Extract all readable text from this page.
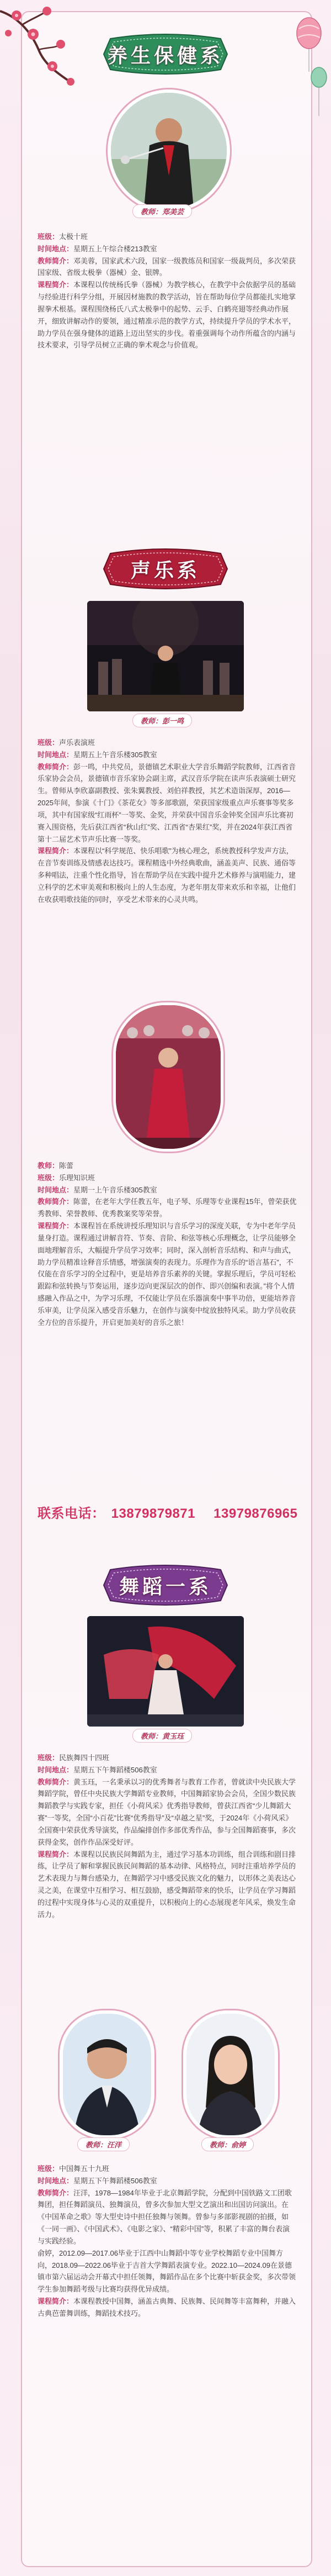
养生保健系
教师：郑美芸

班级：太极十班

时间地点：星期五上午综合楼213教室

教师简介：邓美蓉，国家武术六段，国家一级教练员和国家一级裁判员，多次荣获国家级、省级太极拳（器械）金、银牌。

课程简介：本课程以传统杨氏拳（器械）为教学核心，在教学中会依据学员的基础与经验进行科学分组，开展因材施教的教学活动，旨在帮助每位学员都能扎实地掌握拳术根基。课程围绕杨氏八式太极拳中的起势、云手、白鹤亮翅等经典动作展开，细致讲解动作的要领，通过精准示范的教学方式，持续提升学员的学术水平，助力学员在强身健体的道路上迈出坚实的步伐。着重强调每个动作所蕴含的内涵与技术要求，引导学员树立正确的拳术观念与价值观。

声乐系
教师：彭一鸣

班级：声乐表演班

时间地点：星期五上午音乐楼305教室

教师简介：彭一鸣，中共党员，景德镇艺术职业大学音乐舞蹈学院教师，江西省音乐家协会会员，景德镇市音乐家协会副主席，武汉音乐学院在读声乐表演硕士研究生。曾师从李欣嘉副教授、张朱翼教授、刘伯祥教授，其艺术造诣深厚，2016—2025年间，参演《十门》《茶花女》等多部歌剧，荣获国家级重点声乐赛事等奖多项，其中有国家级“红雨杯”一等奖、金奖，并荣获中国音乐金钟奖全国声乐比赛初赛入围资格，先后获江西省“秋山红”奖、江西省“杏果红”奖，并在2024年获江西省第十二届艺术节声乐比赛一等奖。

课程简介：本课程以“科学规范、快乐唱歌”为核心理念，系统教授科学发声方法，在音节奏训练及情感表达技巧。课程精选中外经典歌曲，涵盖美声、民族、通俗等多种唱法，注重个性化指导，旨在帮助学员在实践中提升艺术修养与演唱能力，建立科学的艺术审美观和积极向上的人生态度，为老年朋友带来欢乐和幸福，让他们在收获唱歌技能的同时，享受艺术带来的心灵共鸣。

教师：陈蕾

班级：乐理知识班

时间地点：星期一上午音乐楼305教室

教师简介：陈蕾，在老年大学任教五年，电子琴、乐理等专业课程15年，曾荣获优秀教师、荣誉教师、优秀教案奖等荣誉。

课程简介：本课程旨在系统讲授乐理知识与音乐学习的深度关联，专为中老年学员量身打造。课程通过讲解音符、节奏、音阶、和弦等核心乐理概念，让学员能够全面地理解音乐，大幅提升学员学习效率；同时，深入剖析音乐结构、和声与曲式，助力学员精准诠释音乐情感，增强演奏的表现力。乐理作为音乐的“语言基石”，不仅能在音乐学习的全过程中，更是培养音乐素养的关键。掌握乐理后，学员可轻松跟踪和弦转换与节奏运用，逐步迈向更深层次的创作、即兴创编和表演。”将个人情感融入作品之中，为学习乐理，不仅能让学员在乐器演奏中事半功倍，更能培养音乐审美，让学员深入感受音乐魅力，在创作与演奏中绽放独特风采。助力学员收获全方位的音乐提升，开启更加美好的音乐之旅！

联系电话： 13879879871 13979876965
舞蹈一系
教师：黄玉珏

班级：民族舞四十四班

时间地点：星期五下午舞蹈楼506教室

教师简介：黄玉珏，一名秉承以习的优秀舞者与教育工作者，曾就读中央民族大学舞蹈学院，曾任中央民族大学舞蹈专业教师，中国舞蹈家协会会员，全国少数民族舞蹈教学与实践专家，担任《小荷风采》优秀指导教师，曾获江西省“少儿舞蹈大赛”一等奖，全国“小百花”比赛“优秀指导”及“卓越之星”奖，于2024年《小荷风采》全国赛中荣获优秀导演奖，作品编排创作多部优秀作品，参与全国舞蹈赛事，多次获得金奖，创作作品深受好评。

课程简介：本课程以民族民间舞蹈为主，通过学习基本功训练，组合训练和剧目排练，让学员了解和掌握民族民间舞蹈的基本动律、风格特点，同时注重培养学员的艺术表现力与舞台感染力，在舞蹈学习中感受民族文化的魅力，以形体之美表达心灵之美，在课堂中互相学习、相互鼓励，感受舞蹈带来的快乐，让学员在学习舞蹈的过程中实现身体与心灵的双重提升，以积极向上的心态展现老年风采，焕发生命活力。

教师：汪洋	教师：俞婷

班级：中国舞五十九班

时间地点：星期五下午舞蹈楼506教室

教师简介：汪洋，1978—1984年毕业于北京舞蹈学院，分配到中国铁路文工团歌舞团，担任舞蹈演员、独舞演员，曾多次参加大型文艺演出和出国访问演出。在《中国革命之歌》等大型史诗中担任独舞与领舞。曾参与多部影视剧的拍摄，如《一同一画》、《中国武术》、《电影之家》、“精彩中国”等，积累了丰富的舞台表演与实践经验。

俞婷，2012.09—2017.06毕业于江西中山舞蹈中等专业学校舞蹈专业中国舞方向，2018.09—2022.06毕业于吉首大学舞蹈表演专业。2022.10—2024.09在景德镇市第六届运动会开幕式中担任领舞，舞蹈作品在多个比赛中斩获金奖，多次带领学生参加舞蹈考级与比赛均获得优异成绩。

课程简介：本课程教授中国舞，涵盖古典舞、民族舞、民间舞等丰富舞种，并融入古典芭蕾舞训练，舞蹈技术技巧。
